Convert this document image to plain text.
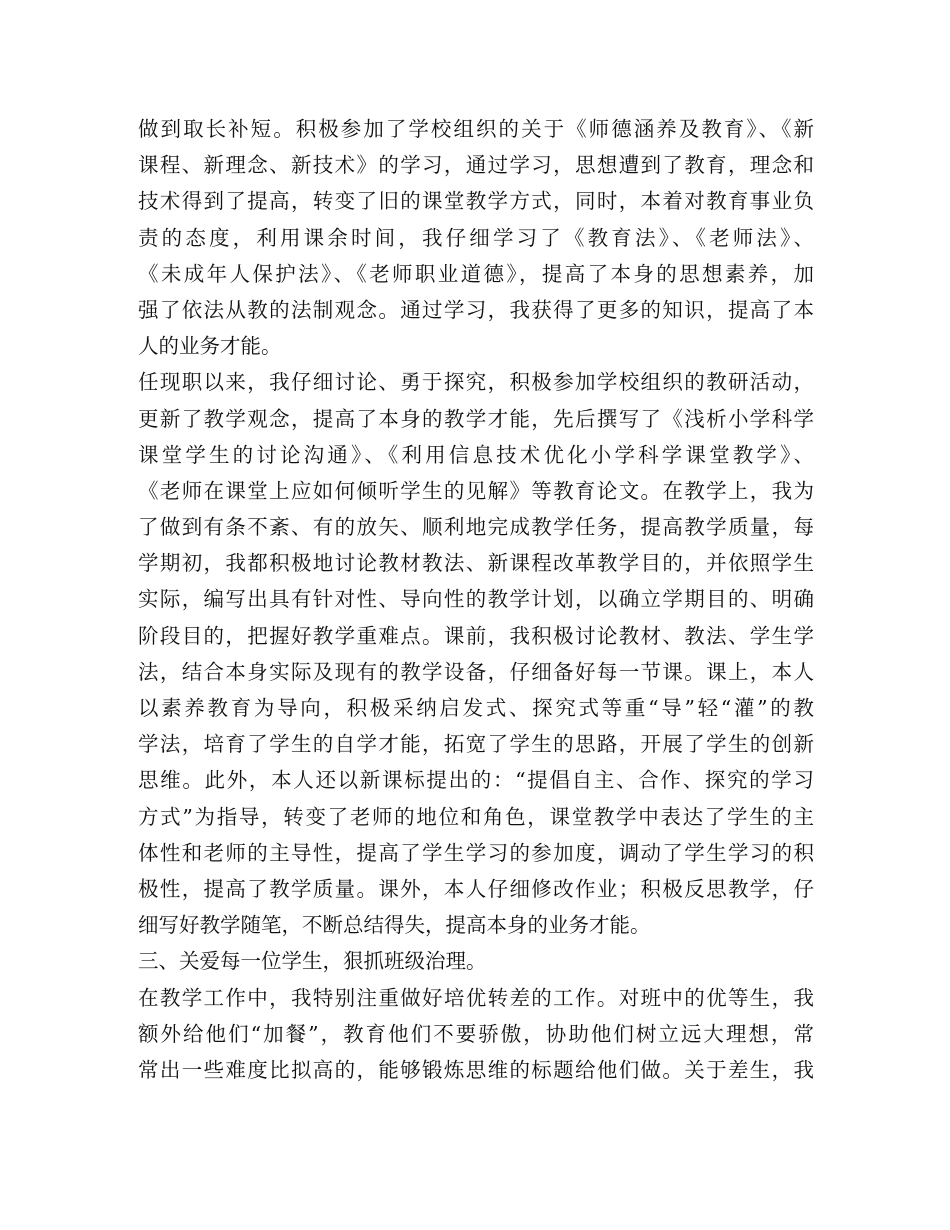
做到取长补短。积极参加了学校组织的关于《师德涵养及教育》、《新
课程、新理念、新技术》的学习，通过学习，思想遭到了教育，理念和
技术得到了提高，转变了旧的课堂教学方式，同时，本着对教育事业负
责的态度，利用课余时间，我仔细学习了《教育法》、《老师法》、
《未成年人保护法》、《老师职业道德》，提高了本身的思想素养，加
强了依法从教的法制观念。通过学习，我获得了更多的知识，提高了本
人的业务才能。
任现职以来，我仔细讨论、勇于探究，积极参加学校组织的教研活动，
更新了教学观念，提高了本身的教学才能，先后撰写了《浅析小学科学
课堂学生的讨论沟通》、《利用信息技术优化小学科学课堂教学》、
《老师在课堂上应如何倾听学生的见解》等教育论文。在教学上，我为
了做到有条不紊、有的放矢、顺利地完成教学任务，提高教学质量，每
学期初，我都积极地讨论教材教法、新课程改革教学目的，并依照学生
实际，编写出具有针对性、导向性的教学计划，以确立学期目的、明确
阶段目的，把握好教学重难点。课前，我积极讨论教材、教法、学生学
法，结合本身实际及现有的教学设备，仔细备好每一节课。课上，本人
以素养教育为导向，积极采纳启发式、探究式等重“导”轻“灌”的教
学法，培育了学生的自学才能，拓宽了学生的思路，开展了学生的创新
思维。此外，本人还以新课标提出的：“提倡自主、合作、探究的学习
方式”为指导，转变了老师的地位和角色，课堂教学中表达了学生的主
体性和老师的主导性，提高了学生学习的参加度，调动了学生学习的积
极性，提高了教学质量。课外，本人仔细修改作业；积极反思教学，仔
细写好教学随笔，不断总结得失，提高本身的业务才能。
三、关爱每一位学生，狠抓班级治理。
在教学工作中，我特别注重做好培优转差的工作。对班中的优等生，我
额外给他们“加餐”，教育他们不要骄傲，协助他们树立远大理想，常
常出一些难度比拟高的，能够锻炼思维的标题给他们做。关于差生，我
